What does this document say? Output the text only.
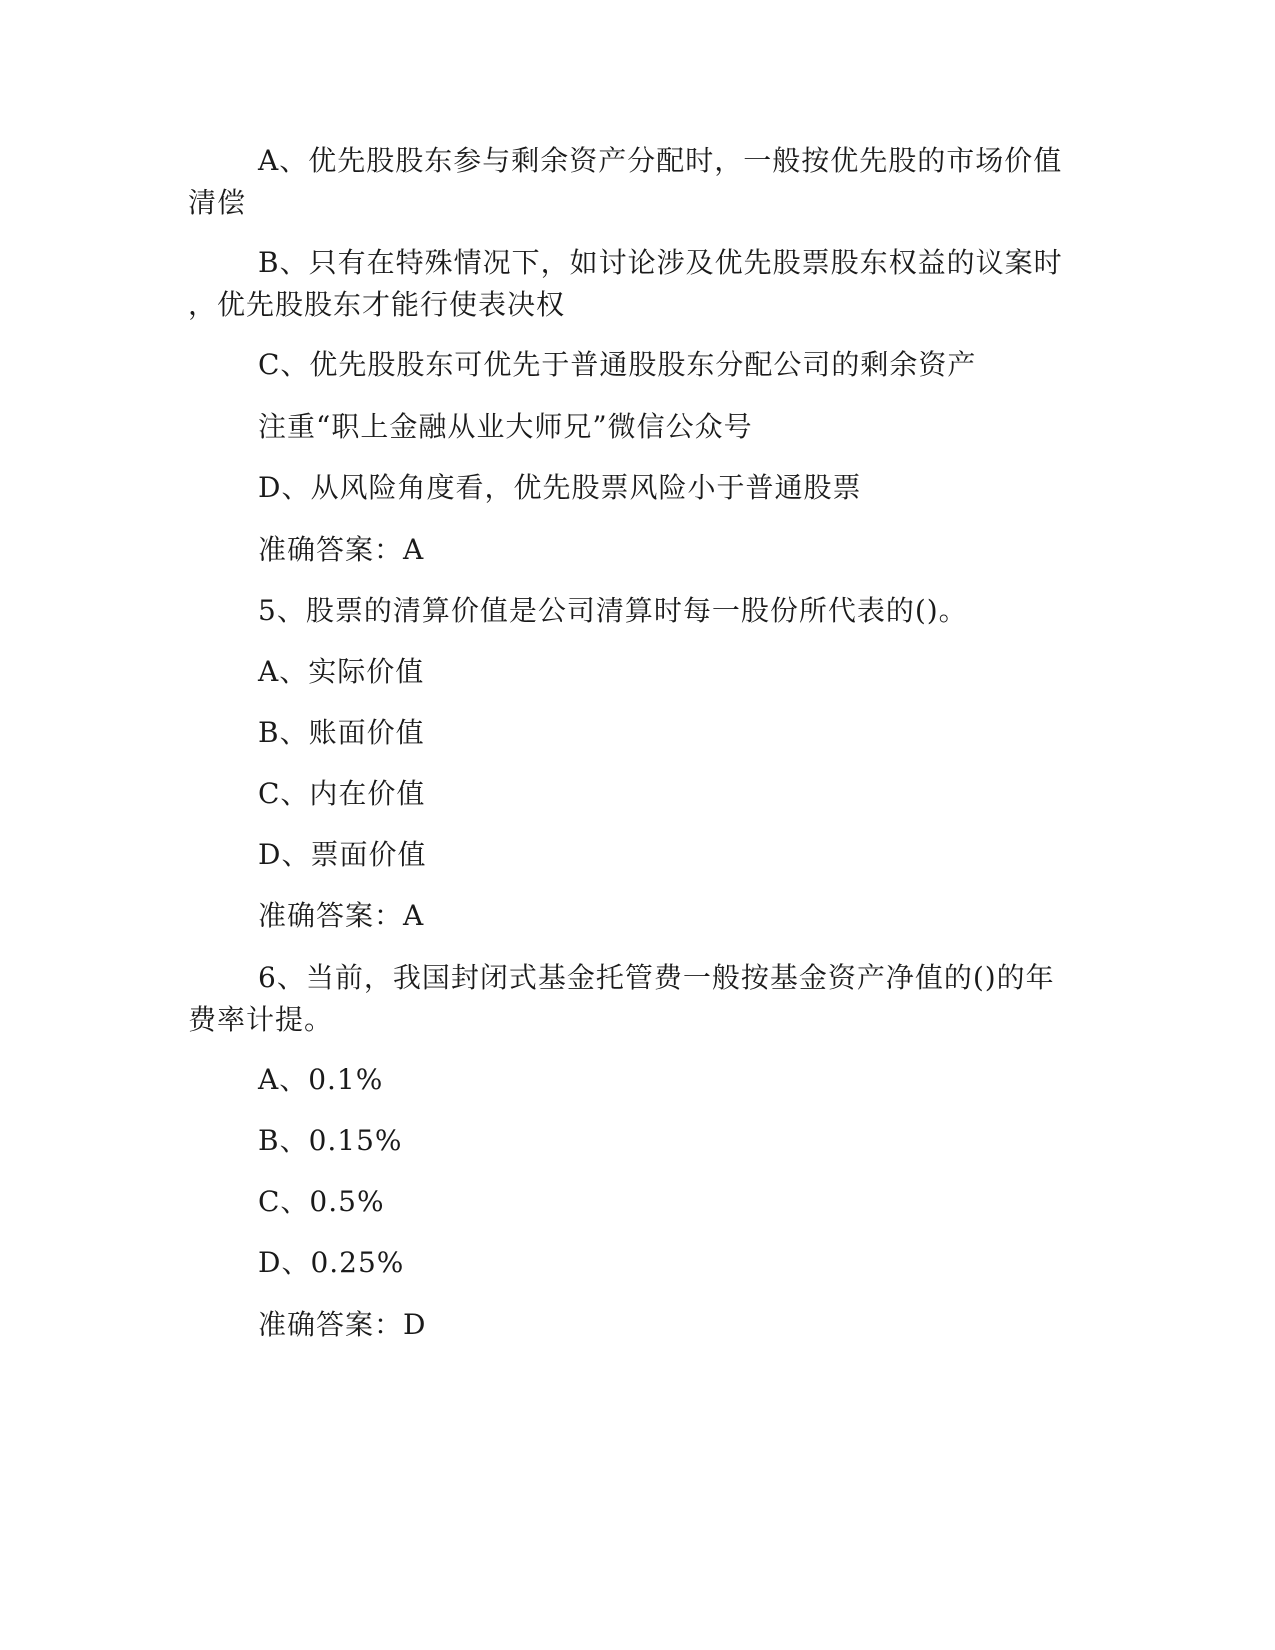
A、优先股股东参与剩余资产分配时，一般按优先股的市场价值
清偿

B、只有在特殊情况下，如讨论涉及优先股票股东权益的议案时
，优先股股东才能行使表决权

C、优先股股东可优先于普通股股东分配公司的剩余资产

注重“职上金融从业大师兄”微信公众号

D、从风险角度看，优先股票风险小于普通股票

准确答案：A

5、股票的清算价值是公司清算时每一股份所代表的()。

A、实际价值

B、账面价值

C、内在价值

D、票面价值

准确答案：A

6、当前，我国封闭式基金托管费一般按基金资产净值的()的年
费率计提。

A、0.1%

B、0.15%

C、0.5%

D、0.25%

准确答案：D
